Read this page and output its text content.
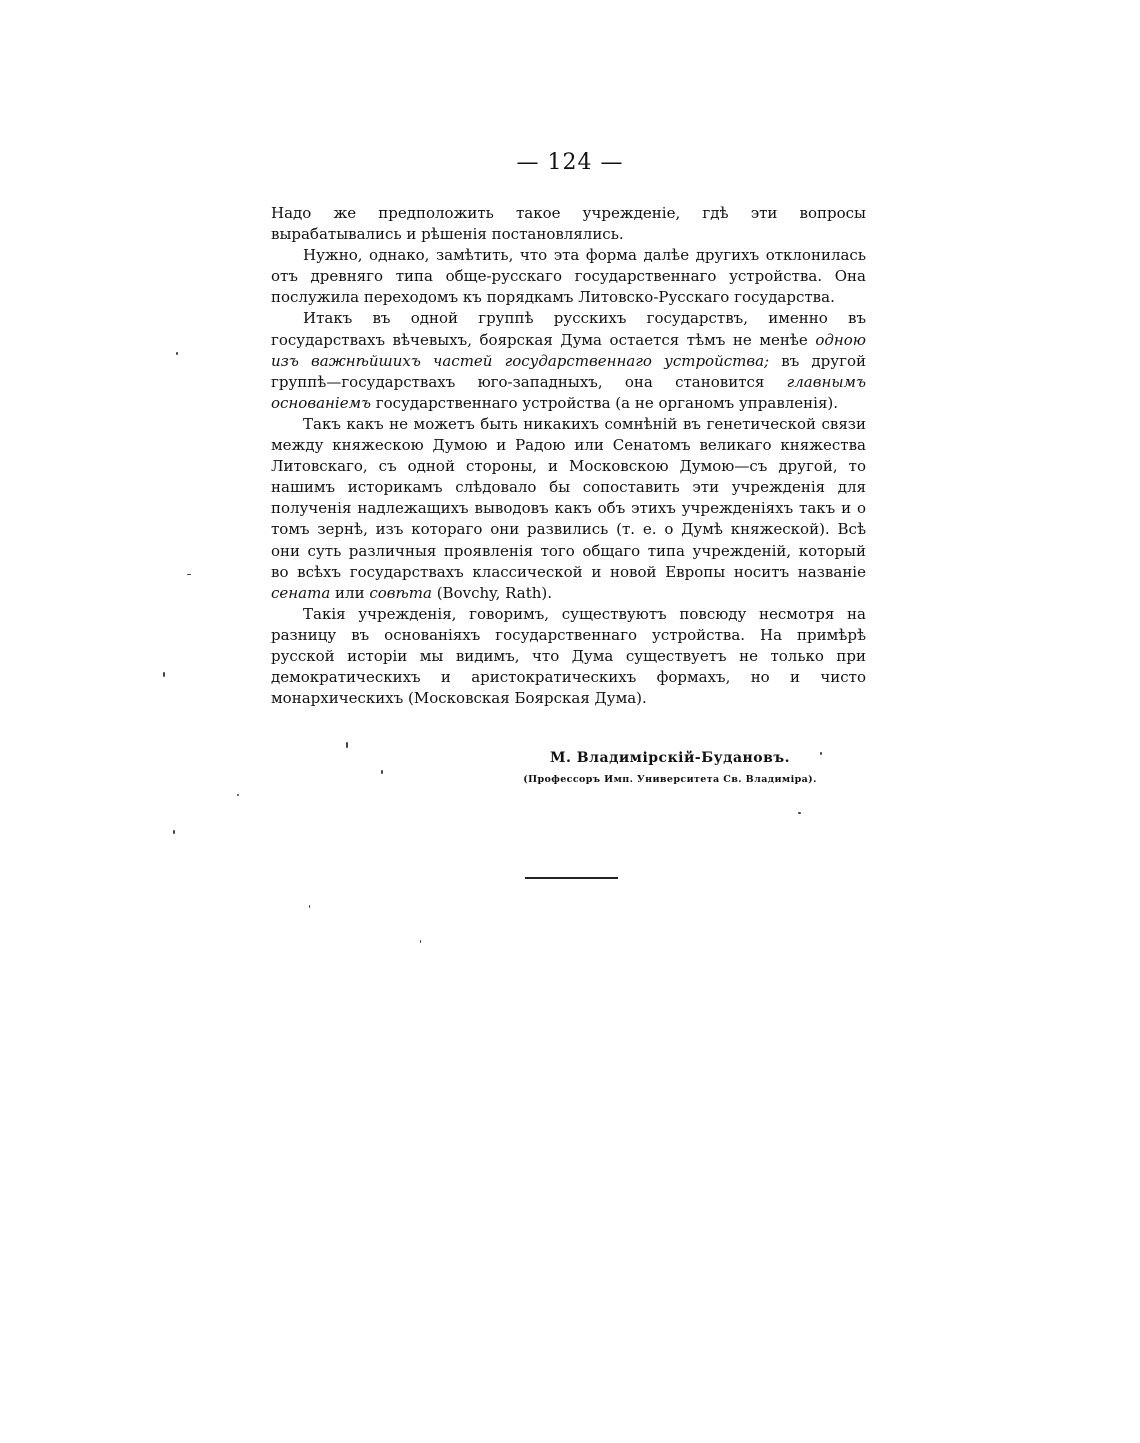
— 124 —

Надо же предположить такое учрежденіе, гдѣ эти вопросы вырабатывались и рѣшенія постановлялись.

Нужно, однако, замѣтить, что эта форма далѣе другихъ отклонилась отъ древняго типа обще-русскаго государственнаго устройства. Она послужила переходомъ къ порядкамъ Литовско-Русскаго государства.

Итакъ въ одной группѣ русскихъ государствъ, именно въ государствахъ вѣчевыхъ, боярская Дума остается тѣмъ не менѣе одною изъ важнѣйшихъ частей государственнаго устройства; въ другой группѣ—государствахъ юго-западныхъ, она становится главнымъ основаніемъ государственнаго устройства (а не органомъ управленія).

Такъ какъ не можетъ быть никакихъ сомнѣній въ генетической связи между княжескою Думою и Радою или Сенатомъ великаго княжества Литовскаго, съ одной стороны, и Московскою Думою—съ другой, то нашимъ историкамъ слѣдовало бы сопоставить эти учрежденія для полученія надлежащихъ выводовъ какъ объ этихъ учрежденіяхъ такъ и о томъ зернѣ, изъ котораго они развились (т. е. о Думѣ княжеской). Всѣ они суть различныя проявленія того общаго типа учрежденій, который во всѣхъ государствахъ классической и новой Европы носитъ названіе сената или совѣта (Bovchy, Rath).

Такія учрежденія, говоримъ, существуютъ повсюду несмотря на разницу въ основаніяхъ государственнаго устройства. На примѣрѣ русской исторіи мы видимъ, что Дума существуетъ не только при демократическихъ и аристократическихъ формахъ, но и чисто монархическихъ (Московская Боярская Дума).

М. Владимірскій-Будановъ.
(Профессоръ Имп. Университета Св. Владиміра).
